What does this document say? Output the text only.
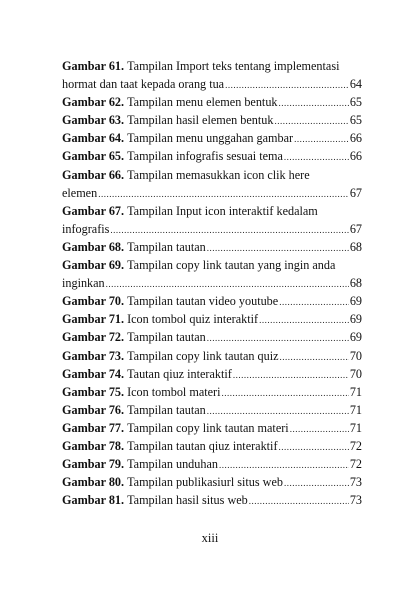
Gambar 61. Tampilan Import teks tentang implementasi
hormat dan taat kepada orang tua .....	64
Gambar 62. Tampilan menu elemen bentuk .....	65
Gambar 63. Tampilan hasil elemen bentuk .....	65
Gambar 64. Tampilan menu unggahan gambar .....	66
Gambar 65. Tampilan infografis sesuai tema .....	66
Gambar 66. Tampilan memasukkan icon clik here
elemen .....	67
Gambar 67. Tampilan Input icon interaktif kedalam
infografis .....	67
Gambar 68. Tampilan tautan .....	68
Gambar 69. Tampilan copy link tautan yang ingin anda
inginkan .....	68
Gambar 70. Tampilan tautan video youtube .....	69
Gambar 71. Icon tombol quiz interaktif .....	69
Gambar 72. Tampilan tautan .....	69
Gambar 73. Tampilan copy link tautan quiz .....	70
Gambar 74. Tautan qiuz interaktif .....	70
Gambar 75. Icon tombol materi .....	71
Gambar 76. Tampilan tautan .....	71
Gambar 77. Tampilan copy link tautan materi .....	71
Gambar 78. Tampilan tautan qiuz interaktif .....	72
Gambar 79. Tampilan unduhan .....	72
Gambar 80. Tampilan publikasiurl situs web .....	73
Gambar 81. Tampilan hasil situs web .....	73
xiii
